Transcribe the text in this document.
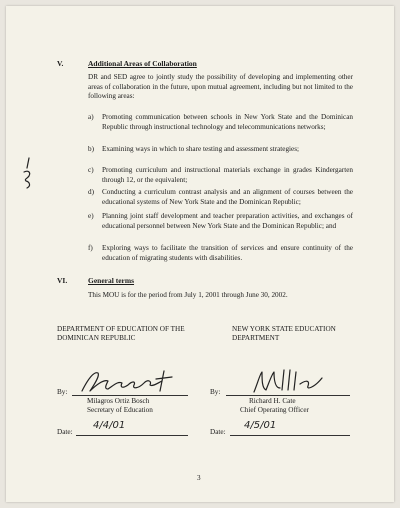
V.	Additional Areas of Collaboration
DR and SED agree to jointly study the possibility of developing and implementing other areas of collaboration in the future, upon mutual agreement, including but not limited to the following areas:
a) Promoting communication between schools in New York State and the Dominican Republic through instructional technology and telecommunications networks;
b) Examining ways in which to share testing and assessment strategies;
c) Promoting curriculum and instructional materials exchange in grades Kindergarten through 12, or the equivalent;
d) Conducting a curriculum contrast analysis and an alignment of courses between the educational systems of New York State and the Dominican Republic;
e) Planning joint staff development and teacher preparation activities, and exchanges of educational personnel between New York State and the Dominican Republic; and
f) Exploring ways to facilitate the transition of services and ensure continuity of the education of migrating students with disabilities.
VI.	General terms
This MOU is for the period from July 1, 2001 through June 30, 2002.
DEPARTMENT OF EDUCATION OF THE
DOMINICAN REPUBLIC
By:
Milagros Ortiz Bosch
Secretary of Education
Date:
4/4/01
NEW YORK STATE EDUCATION
DEPARTMENT
By:
Richard H. Cate
Chief Operating Officer
Date:
4/5/01
3
